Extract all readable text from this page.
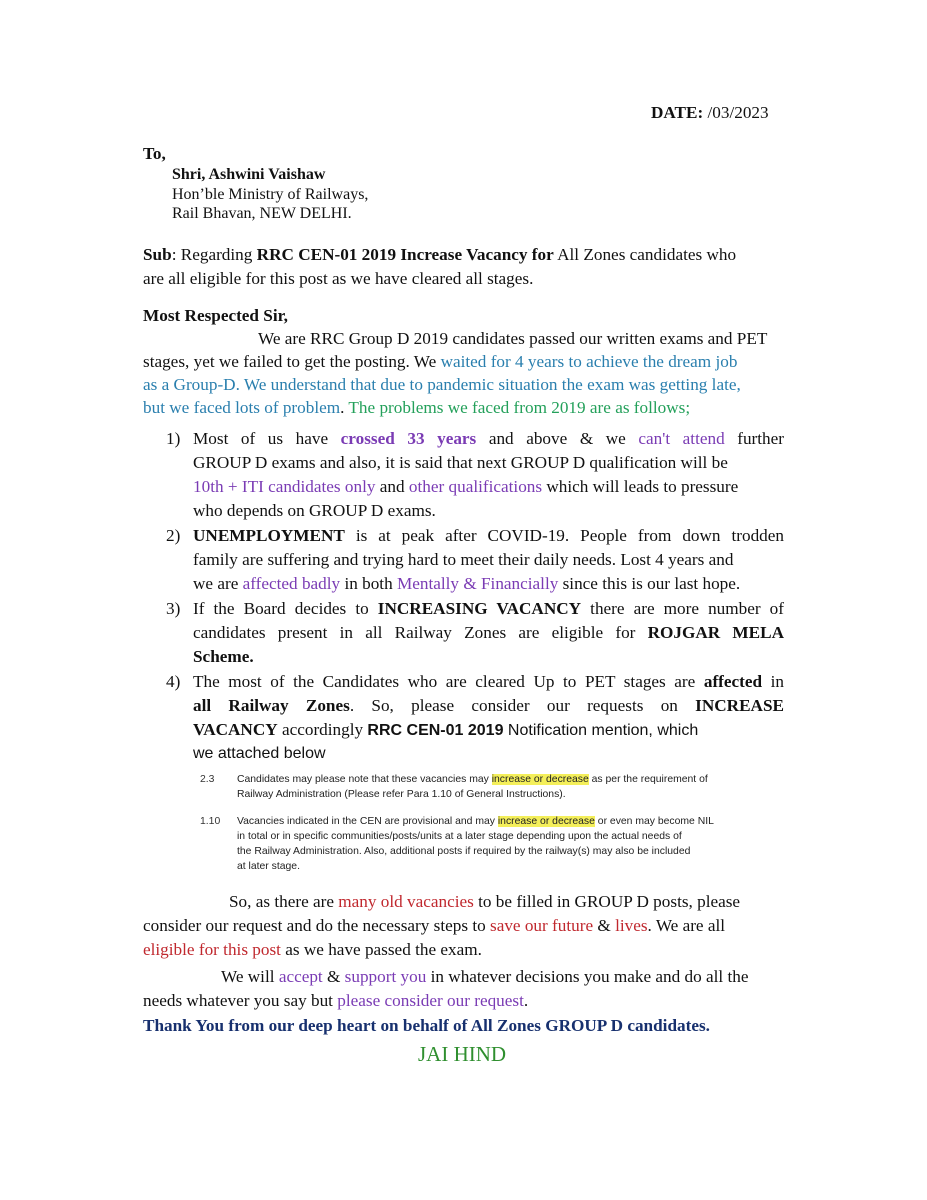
DATE: /03/2023
To,
Shri, Ashwini Vaishaw
Hon’ble Ministry of Railways,
Rail Bhavan, NEW DELHI.
Sub: Regarding RRC CEN-01 2019 Increase Vacancy for All Zones candidates who
are all eligible for this post as we have cleared all stages.
Most Respected Sir,
We are RRC Group D 2019 candidates passed our written exams and PET
stages, yet we failed to get the posting. We waited for 4 years to achieve the dream job
as a Group-D. We understand that due to pandemic situation the exam was getting late,
but we faced lots of problem. The problems we faced from 2019 are as follows;
1) Most of us have crossed 33 years and above & we can't attend further
GROUP D exams and also, it is said that next GROUP D qualification will be
10th + ITI candidates only and other qualifications which will leads to pressure
who depends on GROUP D exams.
2) UNEMPLOYMENT is at peak after COVID-19. People from down trodden
family are suffering and trying hard to meet their daily needs. Lost 4 years and
we are affected badly in both Mentally & Financially since this is our last hope.
3) If the Board decides to INCREASING VACANCY there are more number of
candidates present in all Railway Zones are eligible for ROJGAR MELA
Scheme.
4) The most of the Candidates who are cleared Up to PET stages are affected in
all Railway Zones. So, please consider our requests on INCREASE
VACANCY accordingly RRC CEN-01 2019 Notification mention, which
we attached below
2.3 Candidates may please note that these vacancies may increase or decrease as per the requirement of
Railway Administration (Please refer Para 1.10 of General Instructions).
1.10 Vacancies indicated in the CEN are provisional and may increase or decrease or even may become NIL
in total or in specific communities/posts/units at a later stage depending upon the actual needs of
the Railway Administration. Also, additional posts if required by the railway(s) may also be included
at later stage.
So, as there are many old vacancies to be filled in GROUP D posts, please
consider our request and do the necessary steps to save our future & lives. We are all
eligible for this post as we have passed the exam.
We will accept & support you in whatever decisions you make and do all the
needs whatever you say but please consider our request.
Thank You from our deep heart on behalf of All Zones GROUP D candidates.
JAI HIND
